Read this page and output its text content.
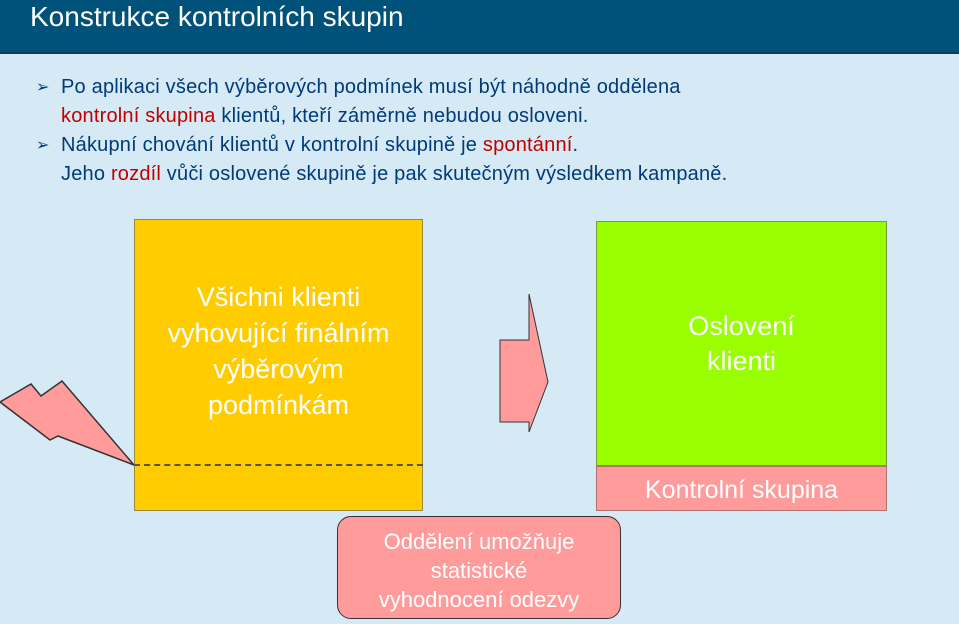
Konstrukce kontrolních skupin
➢ Po aplikaci všech výběrových podmínek musí být náhodně oddělena
kontrolní skupina klientů, kteří záměrně nebudou osloveni.
➢ Nákupní chování klientů v kontrolní skupině je spontánní.
Jeho rozdíl vůči oslovené skupině je pak skutečným výsledkem kampaně.
Všichni klienti
vyhovující finálním
výběrovým
podmínkám
Oslovení
klienti
Kontrolní skupina
Oddělení umožňuje
statistické
vyhodnocení odezvy
